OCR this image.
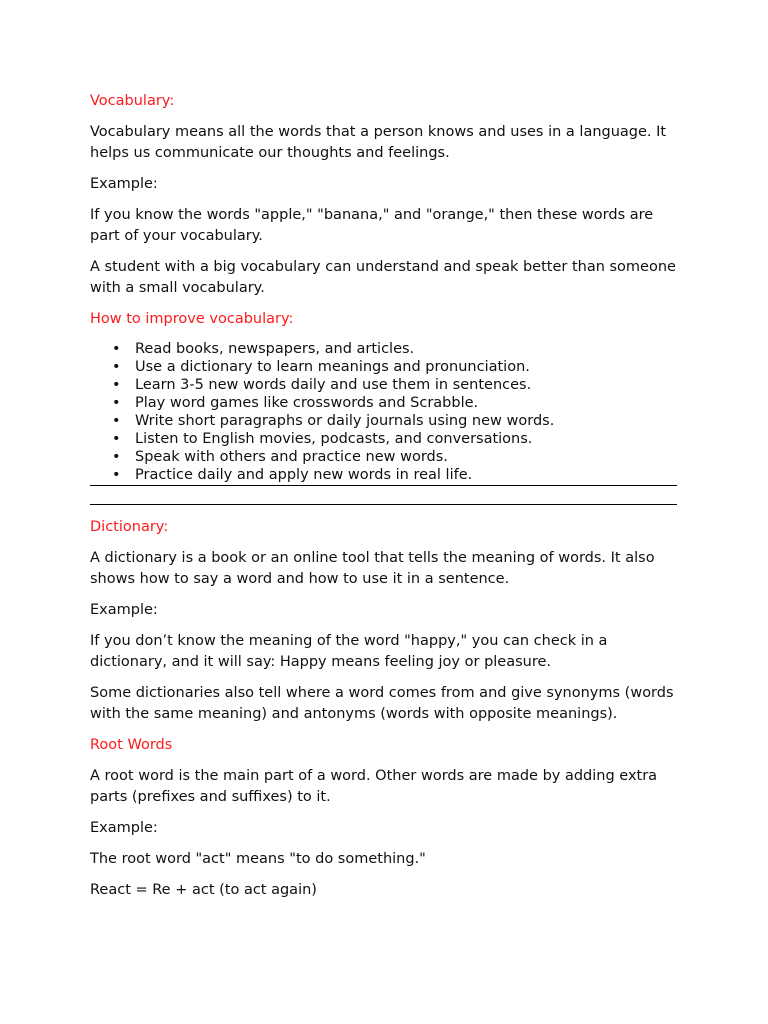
Vocabulary:

Vocabulary means all the words that a person knows and uses in a language. It helps us communicate our thoughts and feelings.

Example:

If you know the words "apple," "banana," and "orange," then these words are part of your vocabulary.

A student with a big vocabulary can understand and speak better than someone with a small vocabulary.

How to improve vocabulary:
• Read books, newspapers, and articles.
• Use a dictionary to learn meanings and pronunciation.
• Learn 3-5 new words daily and use them in sentences.
• Play word games like crosswords and Scrabble.
• Write short paragraphs or daily journals using new words.
• Listen to English movies, podcasts, and conversations.
• Speak with others and practice new words.
• Practice daily and apply new words in real life.
Dictionary:

A dictionary is a book or an online tool that tells the meaning of words. It also shows how to say a word and how to use it in a sentence.

Example:

If you don’t know the meaning of the word "happy," you can check in a dictionary, and it will say: Happy means feeling joy or pleasure.

Some dictionaries also tell where a word comes from and give synonyms (words with the same meaning) and antonyms (words with opposite meanings).

Root Words

A root word is the main part of a word. Other words are made by adding extra parts (prefixes and suffixes) to it.

Example:

The root word "act" means "to do something."

React = Re + act (to act again)
